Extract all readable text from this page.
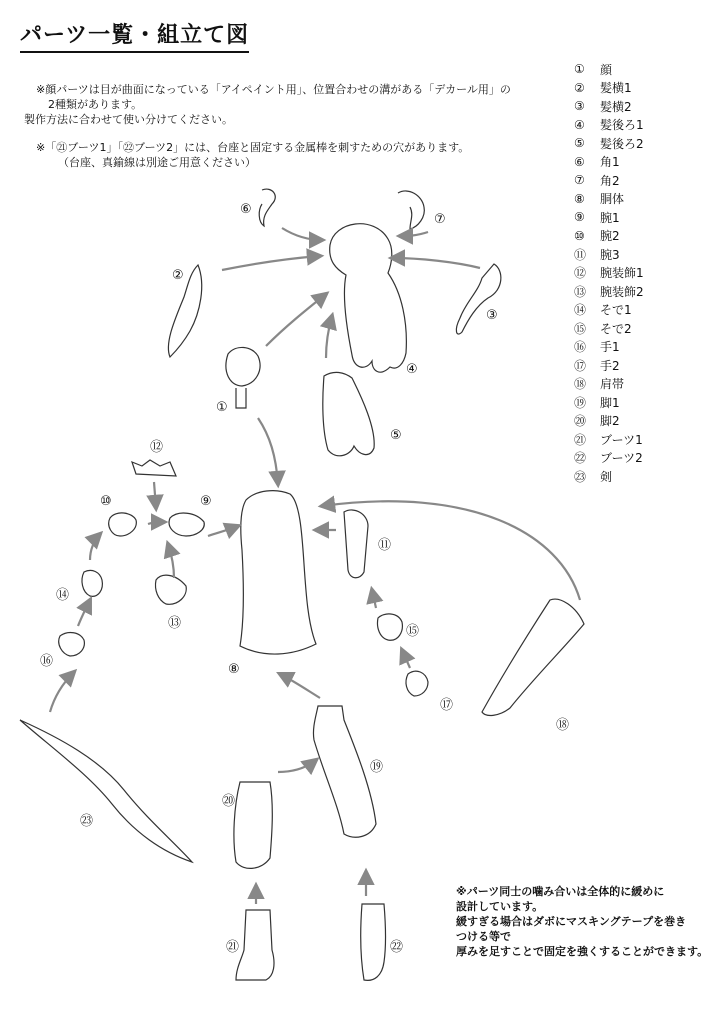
パーツ一覧・組立て図

※顔パーツは目が曲面になっている「アイペイント用」、位置合わせの溝がある「デカール用」の

2種類があります。

製作方法に合わせて使い分けてください。

※「㉑ブーツ1」「㉒ブーツ2」には、台座と固定する金属棒を刺すための穴があります。

（台座、真鍮線は別途ご用意ください）

①	顔
②	髪横1
③	髪横2
④	髪後ろ1
⑤	髪後ろ2
⑥	角1
⑦	角2
⑧	胴体
⑨	腕1
⑩	腕2
⑪	腕3
⑫	腕装飾1
⑬	腕装飾2
⑭	そで1
⑮	そで2
⑯	手1
⑰	手2
⑱	肩帯
⑲	脚1
⑳	脚2
㉑	ブーツ1
㉒	ブーツ2
㉓	剣

※パーツ同士の噛み合いは全体的に緩めに

設計しています。

緩すぎる場合はダボにマスキングテープを巻き

つける等で

厚みを足すことで固定を強くすることができます。

①
②
③
④
⑤
⑥
⑦
⑧
⑨
⑩
⑪
⑫
⑬
⑭
⑮
⑯
⑰
⑱
⑲
⑳
㉑	㉒
㉓
